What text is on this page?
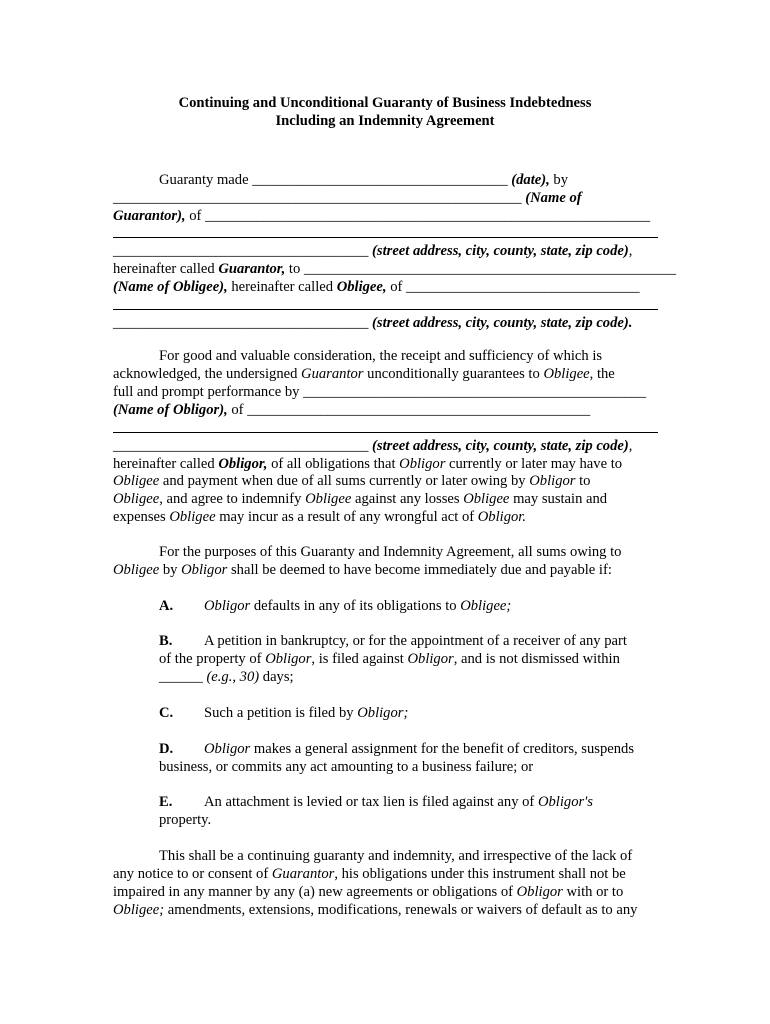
Continuing and Unconditional Guaranty of Business Indebtedness
Including an Indemnity Agreement
Guaranty made ___________________________________ (date), by
________________________________________________________ (Name of
Guarantor), of _____________________________________________________________
___________________________________ (street address, city, county, state, zip code),
hereinafter called Guarantor, to ___________________________________________________
(Name of Obligee), hereinafter called Obligee, of ________________________________
___________________________________ (street address, city, county, state, zip code).
For good and valuable consideration, the receipt and sufficiency of which is
acknowledged, the undersigned Guarantor unconditionally guarantees to Obligee, the
full and prompt performance by _______________________________________________
(Name of Obligor), of _______________________________________________
___________________________________ (street address, city, county, state, zip code),
hereinafter called Obligor, of all obligations that Obligor currently or later may have to
Obligee and payment when due of all sums currently or later owing by Obligor to
Obligee, and agree to indemnify Obligee against any losses Obligee may sustain and
expenses Obligee may incur as a result of any wrongful act of Obligor.
For the purposes of this Guaranty and Indemnity Agreement, all sums owing to
Obligee by Obligor shall be deemed to have become immediately due and payable if:
A. Obligor defaults in any of its obligations to Obligee;
B. A petition in bankruptcy, or for the appointment of a receiver of any part
of the property of Obligor, is filed against Obligor, and is not dismissed within
______ (e.g., 30) days;
C. Such a petition is filed by Obligor;
D. Obligor makes a general assignment for the benefit of creditors, suspends
business, or commits any act amounting to a business failure; or
E. An attachment is levied or tax lien is filed against any of Obligor's
property.
This shall be a continuing guaranty and indemnity, and irrespective of the lack of
any notice to or consent of Guarantor, his obligations under this instrument shall not be
impaired in any manner by any (a) new agreements or obligations of Obligor with or to
Obligee; amendments, extensions, modifications, renewals or waivers of default as to any
